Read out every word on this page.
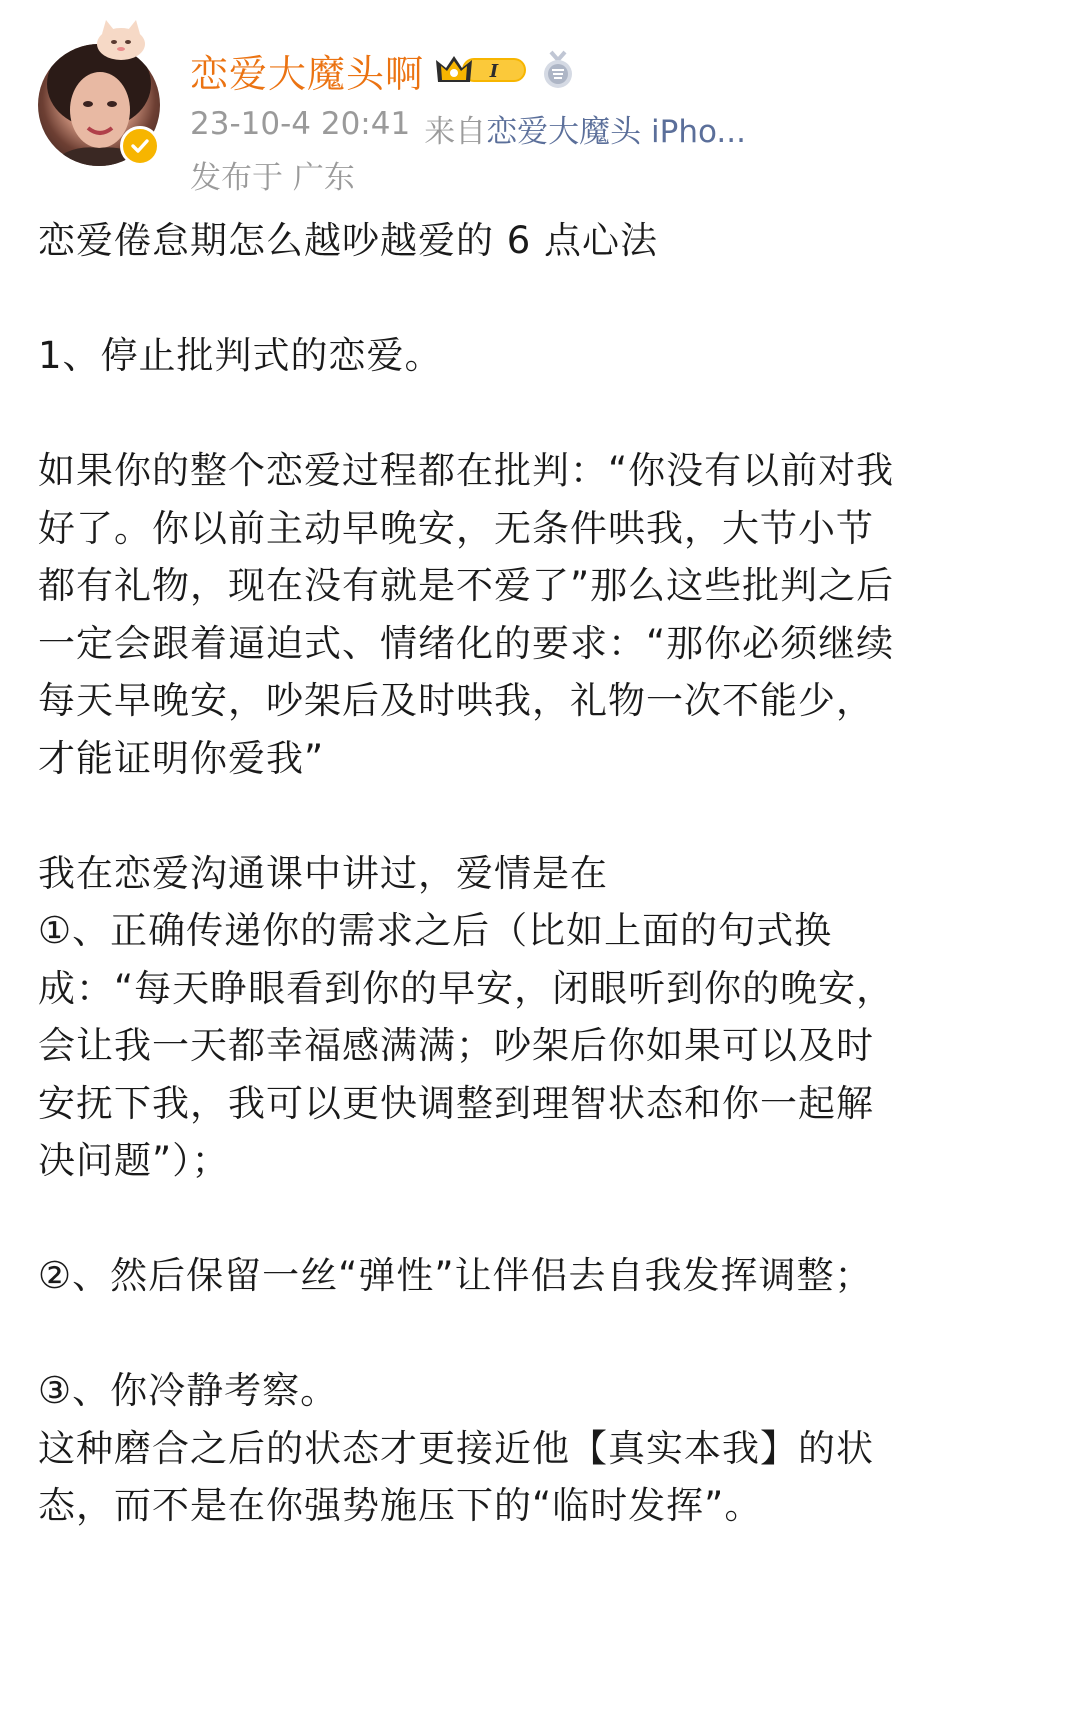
恋爱大魔头啊	I
23-10-4 20:41 来自恋爱大魔头 iPho...
发布于 广东

恋爱倦怠期怎么越吵越爱的 6 点心法

1、停止批判式的恋爱。

如果你的整个恋爱过程都在批判：“你没有以前对我

好了。你以前主动早晚安，无条件哄我，大节小节

都有礼物，现在没有就是不爱了”那么这些批判之后

一定会跟着逼迫式、情绪化的要求：“那你必须继续

每天早晚安，吵架后及时哄我，礼物一次不能少，

才能证明你爱我”

我在恋爱沟通课中讲过，爱情是在

①、正确传递你的需求之后（比如上面的句式换

成：“每天睁眼看到你的早安，闭眼听到你的晚安，

会让我一天都幸福感满满；吵架后你如果可以及时

安抚下我，我可以更快调整到理智状态和你一起解

决问题”）；

②、然后保留一丝“弹性”让伴侣去自我发挥调整；

③、你冷静考察。

这种磨合之后的状态才更接近他【真实本我】的状

态，而不是在你强势施压下的“临时发挥”。
